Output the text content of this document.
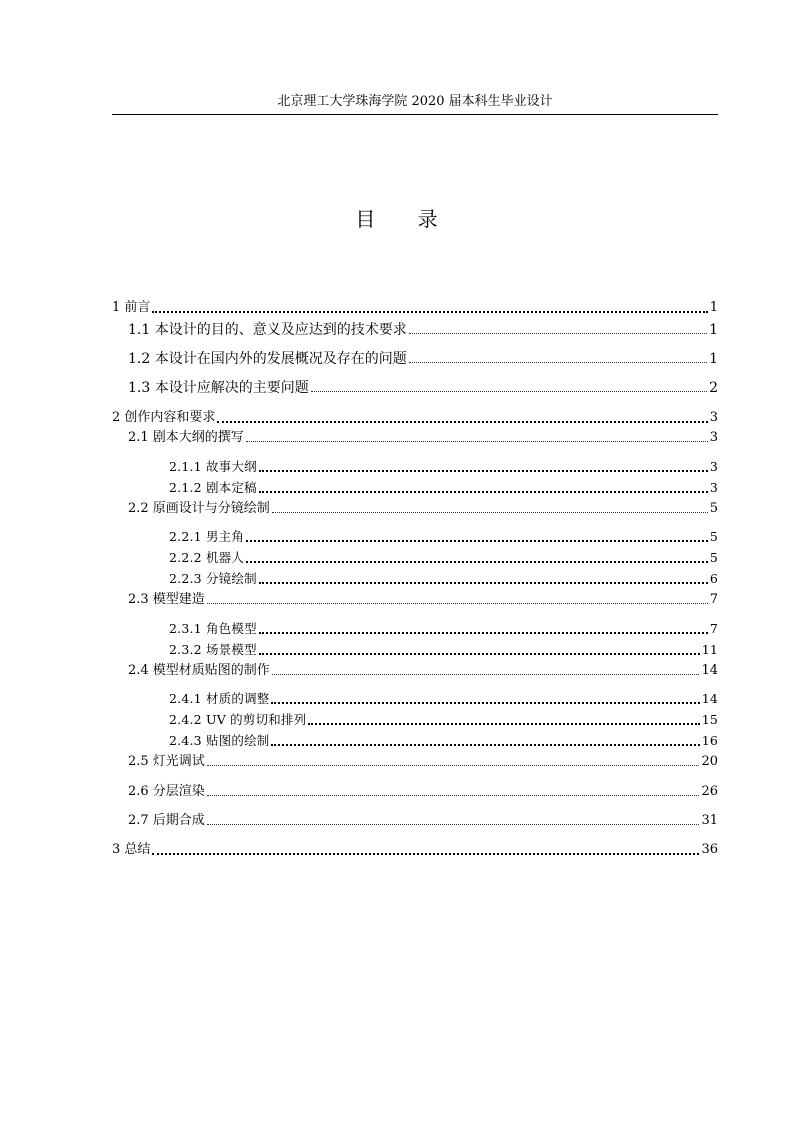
北京理工大学珠海学院 2020 届本科生毕业设计
目 录
1 前言	1
1.1 本设计的目的、意义及应达到的技术要求	1
1.2 本设计在国内外的发展概况及存在的问题	1
1.3 本设计应解决的主要问题	2
2 创作内容和要求	3
2.1 剧本大纲的撰写	3
2.1.1 故事大纲	3
2.1.2 剧本定稿	3
2.2 原画设计与分镜绘制	5
2.2.1 男主角	5
2.2.2 机器人	5
2.2.3 分镜绘制	6
2.3 模型建造	7
2.3.1 角色模型	7
2.3.2 场景模型	11
2.4 模型材质贴图的制作	14
2.4.1 材质的调整	14
2.4.2 UV 的剪切和排列	15
2.4.3 贴图的绘制	16
2.5 灯光调试	20
2.6 分层渲染	26
2.7 后期合成	31
3 总结	36
